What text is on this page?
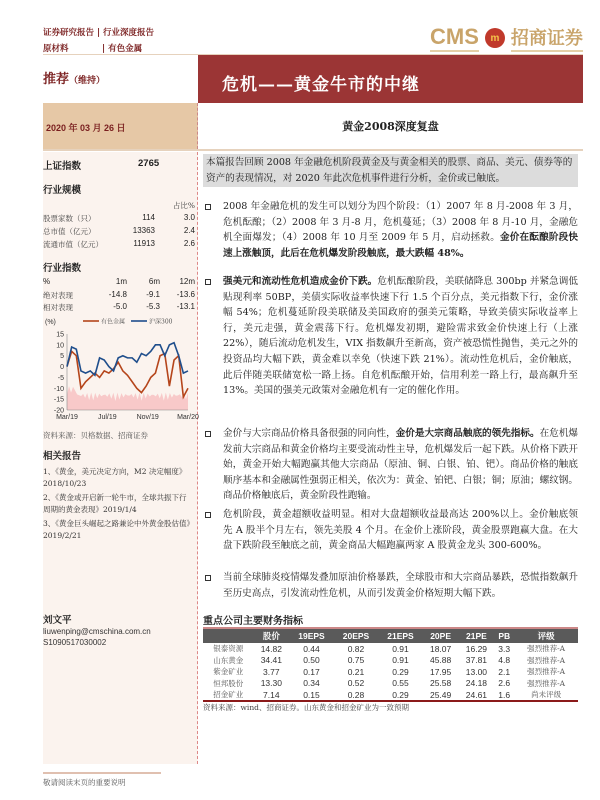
证券研究报告 | 行业深度报告
原材料	| 有色金属	CMS	m 招商证券
推荐（维持）	危机——黄金牛市的中继
2020 年 03 月 26 日	黄金2008深度复盘
上证指数	2765
行业规模
占比%
股票家数（只）	114	3.0
总市值（亿元）	13363	2.4
流通市值（亿元）	11913	2.6
行业指数
%	1m	6m	12m
绝对表现	-14.8	-9.1	-13.6
相对表现	-5.0	-5.3	-13.1
15
10
5
0
-5
-10
-15
-20
Mar/19	Jul/19	Nov/19	Mar/20
(%)	有色金属	沪深300
资料来源：贝格数据、招商证券
相关报告
1、《黄金，美元决定方向，M2 决定幅度》2018/10/23
2、《黄金或开启新一轮牛市，全球共振下行周期的黄金表现》2019/1/4
3、《黄金巨头崛起之路兼论中外黄金股估值》2019/2/21
刘文平
liuwenping@cmschina.com.cn
S1090517030002
本篇报告回顾 2008 年金融危机阶段黄金及与黄金相关的股票、商品、美元、债券等的资产的表现情况，对 2020 年此次危机事件进行分析，金价或已触底。
2008 年金融危机的发生可以划分为四个阶段：（1）2007 年 8 月-2008 年 3 月，危机酝酿；（2）2008 年 3 月-8 月，危机蔓延；（3）2008 年 8 月-10 月，金融危机全面爆发；（4）2008 年 10 月至 2009 年 5 月，启动拯救。金价在酝酿阶段快速上涨触顶，此后在危机爆发阶段触底，最大跌幅 48%。
强美元和流动性危机造成金价下跌。危机酝酿阶段，美联储降息 300bp 并紧急调低贴现利率 50BP，美债实际收益率快速下行 1.5 个百分点，美元指数下行，金价涨幅 54%；危机蔓延阶段美联储及美国政府的强美元策略，导致美债实际收益率上行，美元走强，黄金震荡下行。危机爆发初期，避险需求致金价快速上行（上涨 22%），随后流动危机发生，VIX 指数飙升至新高，资产被恐慌性抛售，美元之外的投资品均大幅下跌，黄金难以幸免（快速下跌 21%）。流动性危机后，金价触底，此后伴随美联储宽松一路上扬。自危机酝酿开始，信用利差一路上行，最高飙升至 13%。美国的强美元政策对金融危机有一定的催化作用。
金价与大宗商品价格具备很强的同向性，金价是大宗商品触底的领先指标。在危机爆发前大宗商品和黄金价格均主要受流动性主导，危机爆发后一起下跌。从价格下跌开始，黄金开始大幅跑赢其他大宗商品（原油、铜、白银、铂、钯）。商品价格的触底顺序基本和金融属性强弱正相关，依次为：黄金、铂钯、白银；铜；原油；螺纹钢。商品价格触底后，黄金阶段性跑输。
危机阶段，黄金超额收益明显。相对大盘超额收益最高达 200%以上。金价触底领先 A 股半个月左右，领先美股 4 个月。在金价上涨阶段，黄金股票跑赢大盘。在大盘下跌阶段至触底之前，黄金商品大幅跑赢两家 A 股黄金龙头 300-600%。
当前全球肺炎疫情爆发叠加原油价格暴跌，全球股市和大宗商品暴跌，恐慌指数飙升至历史高点，引发流动性危机，从而引发黄金价格短期大幅下跌。
重点公司主要财务指标
	股价	19EPS	20EPS	21EPS	20PE	21PE	PB	评级
银泰资源	14.82	0.44	0.82	0.91	18.07	16.29	3.3	强烈推荐-A
山东黄金	34.41	0.50	0.75	0.91	45.88	37.81	4.8	强烈推荐-A
紫金矿业	3.77	0.17	0.21	0.29	17.95	13.00	2.1	强烈推荐-A
恒邦股份	13.30	0.34	0.52	0.55	25.58	24.18	2.6	强烈推荐-A
招金矿业	7.14	0.15	0.28	0.29	25.49	24.61	1.6	尚未评级
资料来源：wind、招商证券。山东黄金和招金矿业为一致预期
敬请阅读末页的重要说明
